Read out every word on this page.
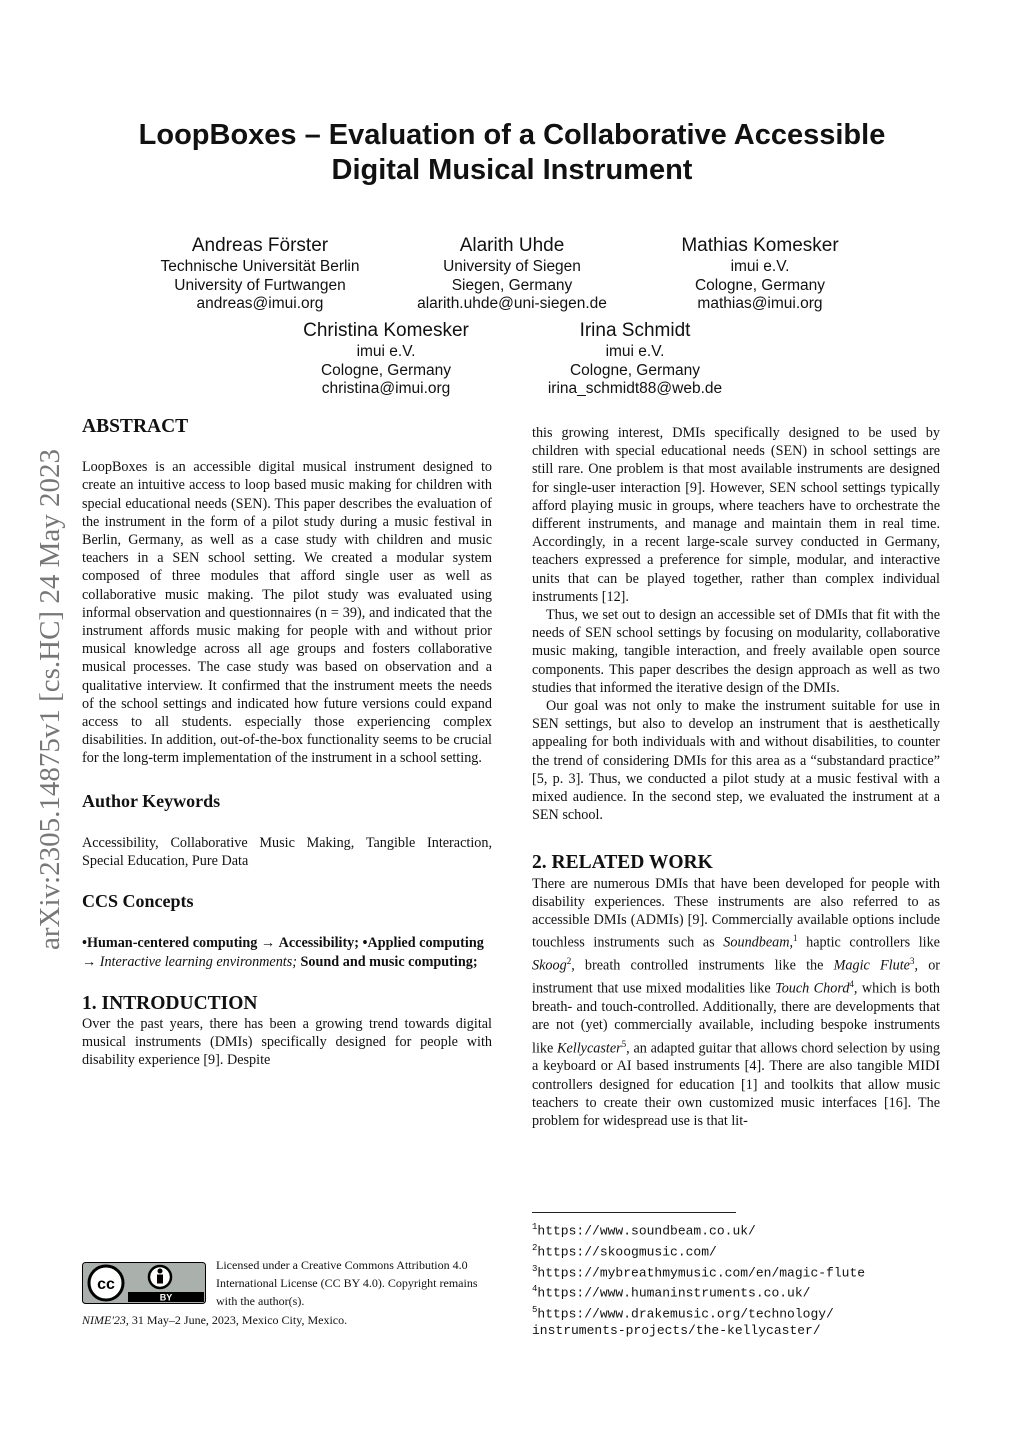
arXiv:2305.14875v1 [cs.HC] 24 May 2023
LoopBoxes – Evaluation of a Collaborative Accessible
Digital Musical Instrument
Andreas Förster
Technische Universität Berlin
University of Furtwangen
andreas@imui.org
Alarith Uhde
University of Siegen
Siegen, Germany
alarith.uhde@uni-siegen.de
Mathias Komesker
imui e.V.
Cologne, Germany
mathias@imui.org
Christina Komesker
imui e.V.
Cologne, Germany
christina@imui.org
Irina Schmidt
imui e.V.
Cologne, Germany
irina_schmidt88@web.de
ABSTRACT

LoopBoxes is an accessible digital musical instrument designed to create an intuitive access to loop based music making for children with special educational needs (SEN). This paper describes the evaluation of the instrument in the form of a pilot study during a music festival in Berlin, Germany, as well as a case study with children and music teachers in a SEN school setting. We created a modular system composed of three modules that afford single user as well as collaborative music making. The pilot study was evaluated using informal observation and questionnaires (n = 39), and indicated that the instrument affords music making for people with and without prior musical knowledge across all age groups and fosters collaborative musical processes. The case study was based on observation and a qualitative interview. It confirmed that the instrument meets the needs of the school settings and indicated how future versions could expand access to all students. especially those experiencing complex disabilities. In addition, out-of-the-box functionality seems to be crucial for the long-term implementation of the instrument in a school setting.

Author Keywords

Accessibility, Collaborative Music Making, Tangible Interaction, Special Education, Pure Data

CCS Concepts

•Human-centered computing → Accessibility; •Applied computing → Interactive learning environments; Sound and music computing;

1. INTRODUCTION

Over the past years, there has been a growing trend towards digital musical instruments (DMIs) specifically designed for people with disability experience [9]. Despite

cc
BY
Licensed under a Creative Commons Attribution 4.0 International License (CC BY 4.0). Copyright remains with the author(s).
NIME'23, 31 May–2 June, 2023, Mexico City, Mexico.

this growing interest, DMIs specifically designed to be used by children with special educational needs (SEN) in school settings are still rare. One problem is that most available instruments are designed for single-user interaction [9]. However, SEN school settings typically afford playing music in groups, where teachers have to orchestrate the different instruments, and manage and maintain them in real time. Accordingly, in a recent large-scale survey conducted in Germany, teachers expressed a preference for simple, modular, and interactive units that can be played together, rather than complex individual instruments [12].

Thus, we set out to design an accessible set of DMIs that fit with the needs of SEN school settings by focusing on modularity, collaborative music making, tangible interaction, and freely available open source components. This paper describes the design approach as well as two studies that informed the iterative design of the DMIs.

Our goal was not only to make the instrument suitable for use in SEN settings, but also to develop an instrument that is aesthetically appealing for both individuals with and without disabilities, to counter the trend of considering DMIs for this area as a “substandard practice” [5, p. 3]. Thus, we conducted a pilot study at a music festival with a mixed audience. In the second step, we evaluated the instrument at a SEN school.

2. RELATED WORK

There are numerous DMIs that have been developed for people with disability experiences. These instruments are also referred to as accessible DMIs (ADMIs) [9]. Commercially available options include touchless instruments such as Soundbeam,$^1$ haptic controllers like Skoog$^2$, breath controlled instruments like the Magic Flute$^3$, or instrument that use mixed modalities like Touch Chord$^4$, which is both breath- and touch-controlled. Additionally, there are developments that are not (yet) commercially available, including bespoke instruments like Kellycaster$^5$, an adapted guitar that allows chord selection by using a keyboard or AI based instruments [4]. There are also tangible MIDI controllers designed for education [1] and toolkits that allow music teachers to create their own customized music interfaces [16]. The problem for widespread use is that lit-

$^1$https://www.soundbeam.co.uk/
$^2$https://skoogmusic.com/
$^3$https://mybreathmymusic.com/en/magic-flute
$^4$https://www.humaninstruments.co.uk/
$^5$https://www.drakemusic.org/technology/
instruments-projects/the-kellycaster/
